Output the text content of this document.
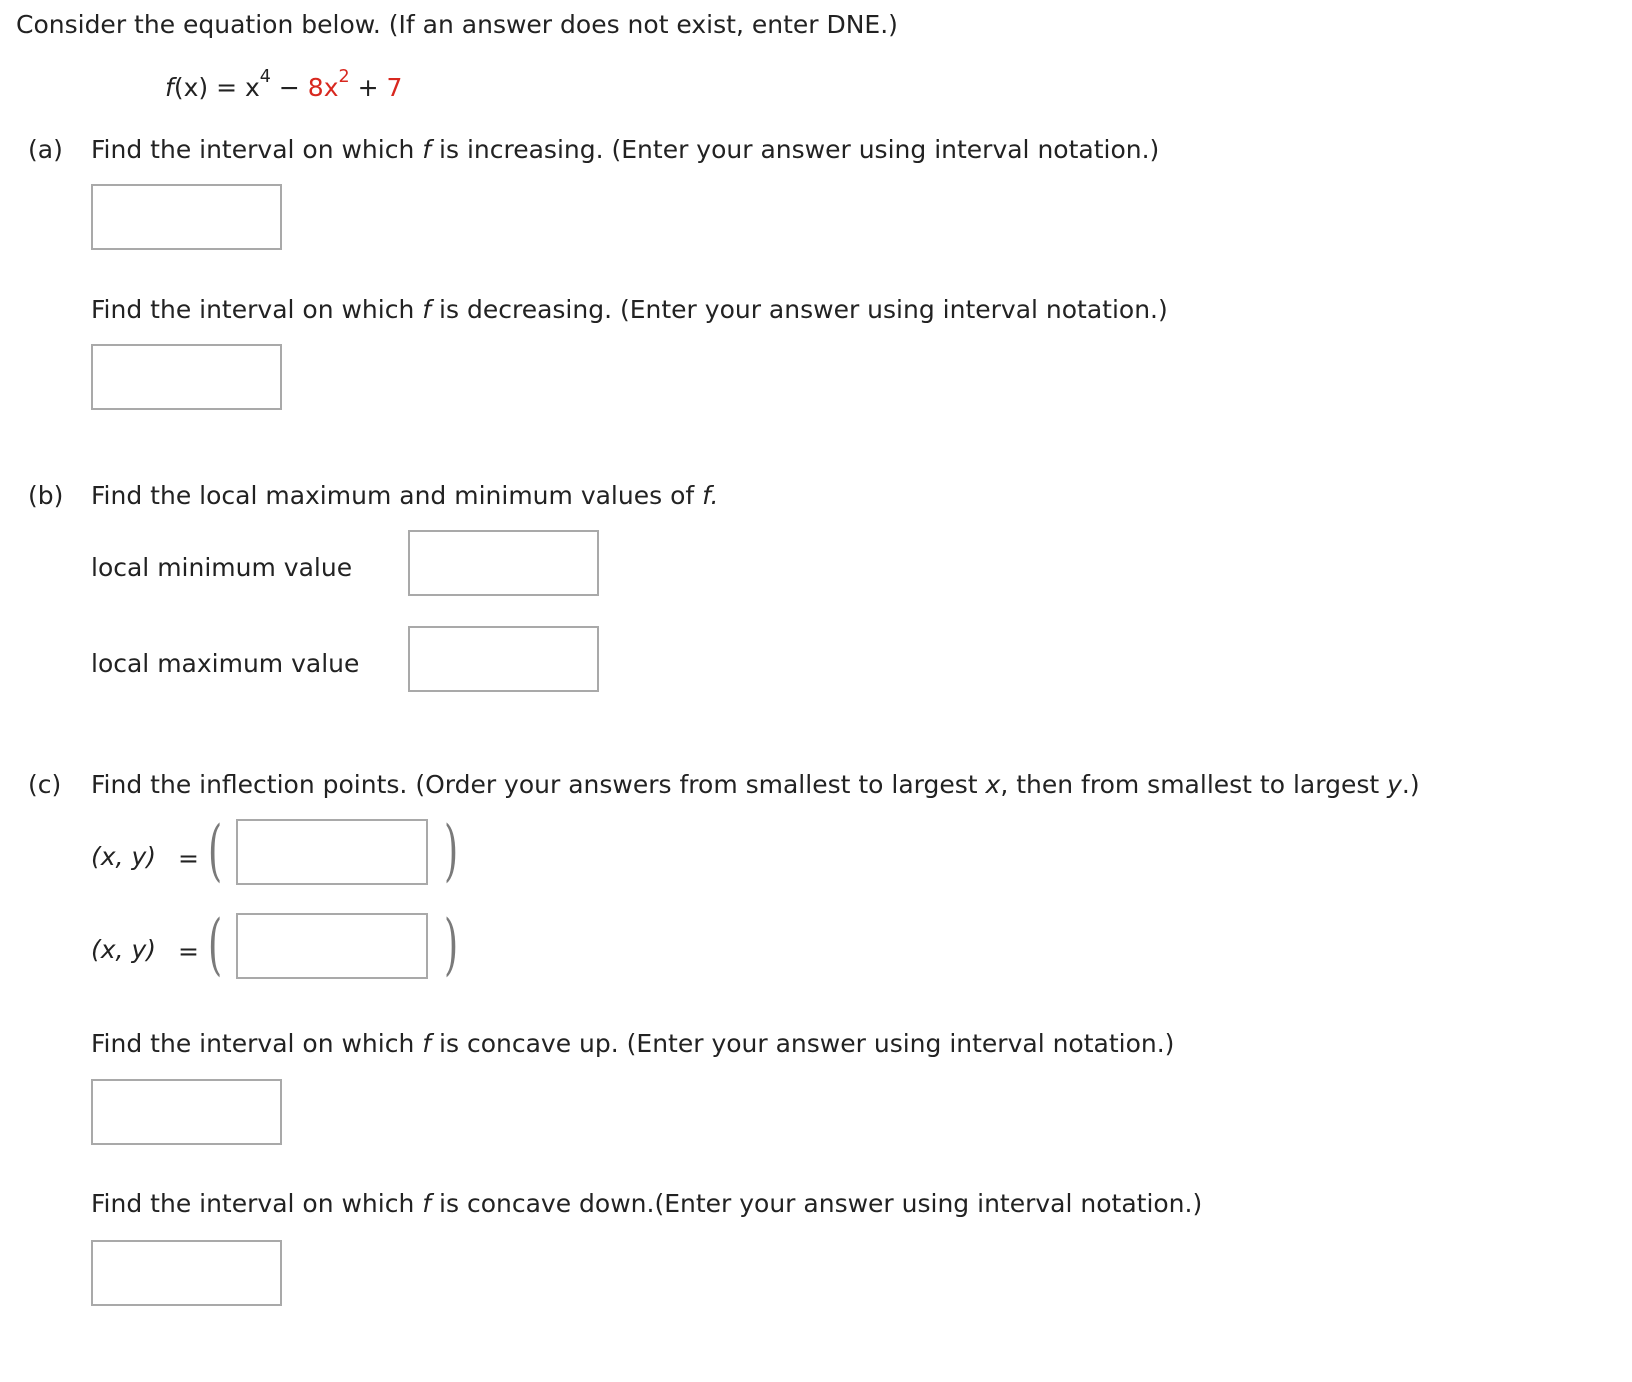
Consider the equation below. (If an answer does not exist, enter DNE.)
$f(x) = x^4 - 8x^2 + 7$
(a) Find the interval on which f is increasing. (Enter your answer using interval notation.)
Find the interval on which f is decreasing. (Enter your answer using interval notation.)
(b) Find the local maximum and minimum values of f.
local minimum value
local maximum value
(c) Find the inflection points. (Order your answers from smallest to largest x, then from smallest to largest y.)
(x, y) = (	)
(x, y) = (	)
Find the interval on which f is concave up. (Enter your answer using interval notation.)
Find the interval on which f is concave down.(Enter your answer using interval notation.)
